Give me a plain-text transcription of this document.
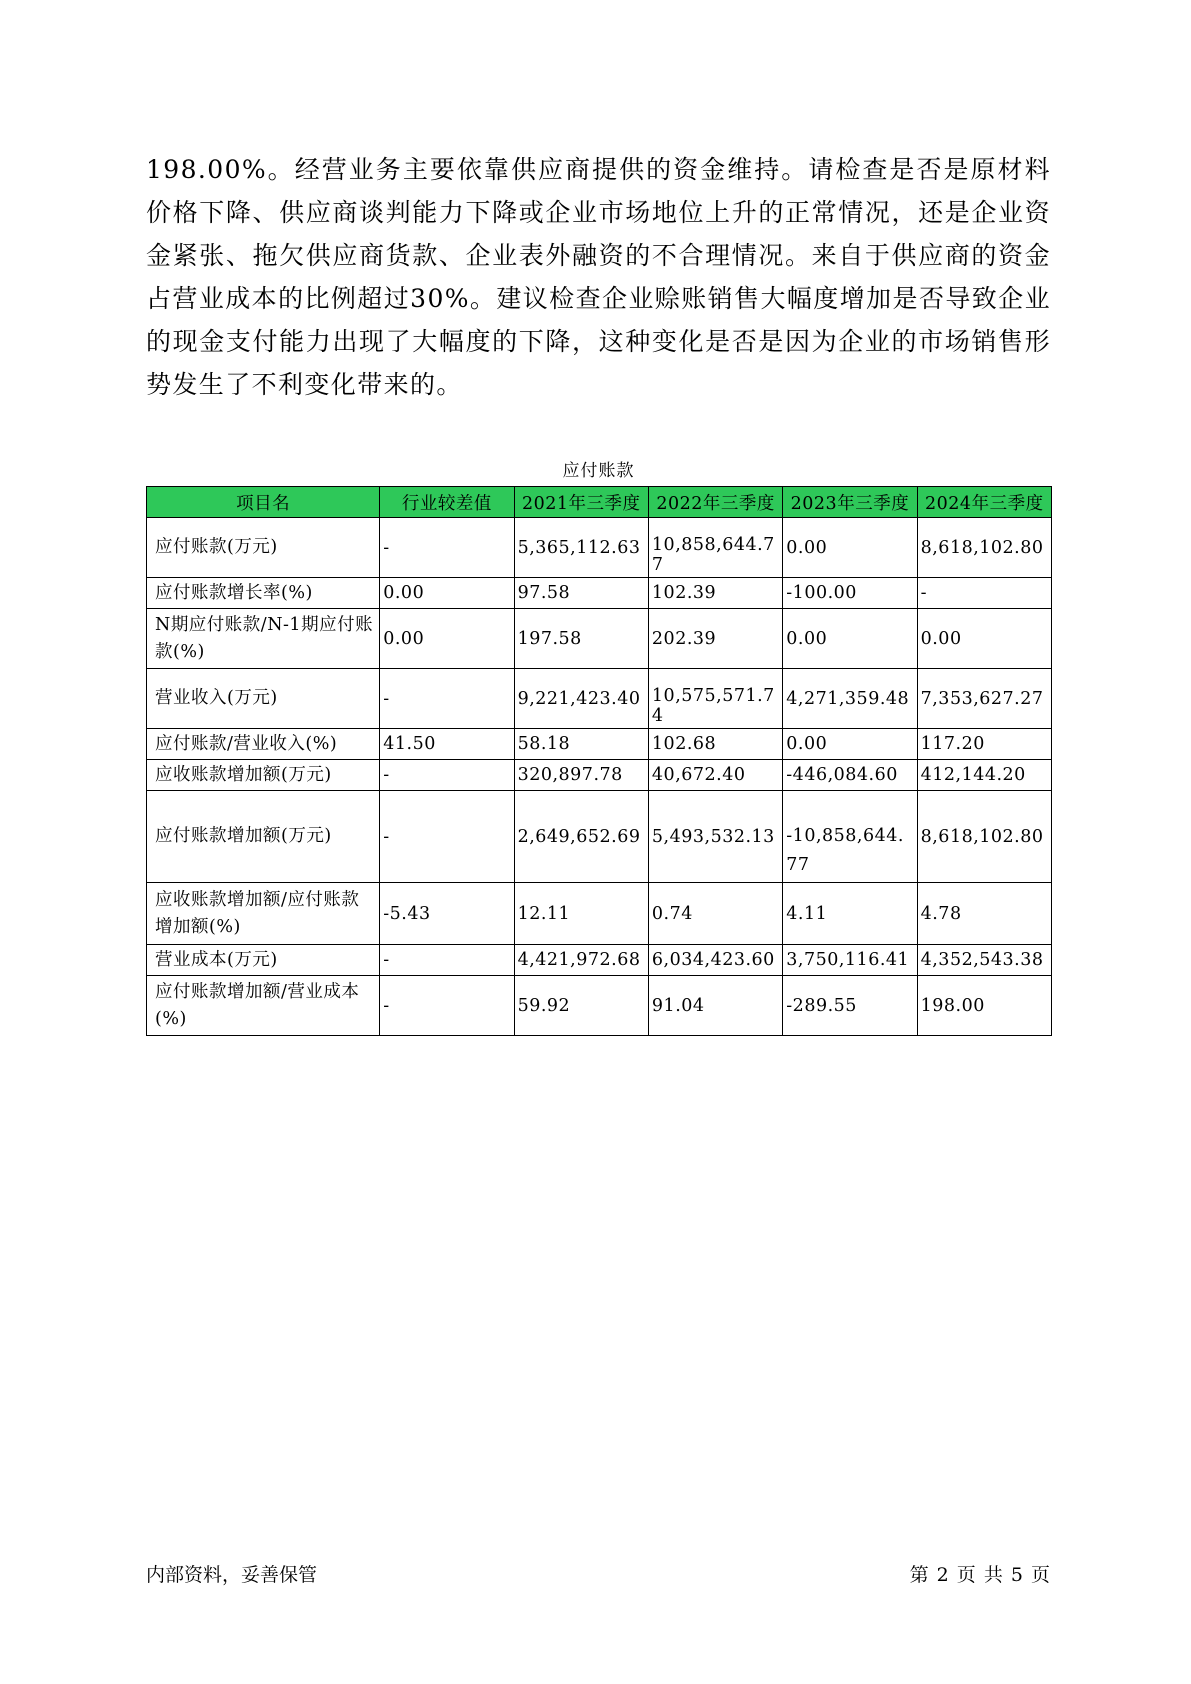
198.00%。经营业务主要依靠供应商提供的资金维持。请检查是否是原材料价格下降、供应商谈判能力下降或企业市场地位上升的正常情况，还是企业资金紧张、拖欠供应商货款、企业表外融资的不合理情况。来自于供应商的资金占营业成本的比例超过30%。建议检查企业赊账销售大幅度增加是否导致企业的现金支付能力出现了大幅度的下降，这种变化是否是因为企业的市场销售形势发生了不利变化带来的。

应付账款
项目名	行业较差值	2021年三季度	2022年三季度	2023年三季度	2024年三季度
应付账款(万元)	-	5,365,112.63	10,858,644.77	0.00	8,618,102.80
应付账款增长率(%)	0.00	97.58	102.39	-100.00	-
N期应付账款/N-1期应付账款(%)	0.00	197.58	202.39	0.00	0.00
营业收入(万元)	-	9,221,423.40	10,575,571.74	4,271,359.48	7,353,627.27
应付账款/营业收入(%)	41.50	58.18	102.68	0.00	117.20
应收账款增加额(万元)	-	320,897.78	40,672.40	-446,084.60	412,144.20
应付账款增加额(万元)	-	2,649,652.69	5,493,532.13	-10,858,644.77	8,618,102.80
应收账款增加额/应付账款增加额(%)	-5.43	12.11	0.74	4.11	4.78
营业成本(万元)	-	4,421,972.68	6,034,423.60	3,750,116.41	4,352,543.38
应付账款增加额/营业成本(%)	-	59.92	91.04	-289.55	198.00
内部资料，妥善保管	第 2 页 共 5 页
